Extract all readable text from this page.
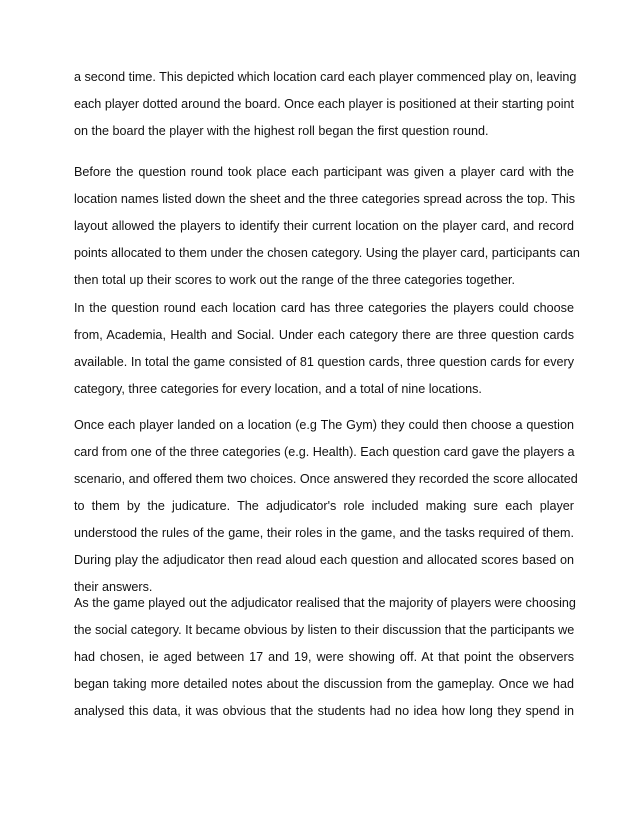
a second time. This depicted which location card each player commenced play on, leaving
each player dotted around the board. Once each player is positioned at their starting point
on the board the player with the highest roll began the first question round.
Before the question round took place each participant was given a player card with the
location names listed down the sheet and the three categories spread across the top. This
layout allowed the players to identify their current location on the player card, and record
points allocated to them under the chosen category. Using the player card, participants can
then total up their scores to work out the range of the three categories together.
In the question round each location card has three categories the players could choose
from, Academia, Health and Social. Under each category there are three question cards
available. In total the game consisted of 81 question cards, three question cards for every
category, three categories for every location, and a total of nine locations.
Once each player landed on a location (e.g The Gym) they could then choose a question
card from one of the three categories (e.g. Health). Each question card gave the players a
scenario, and offered them two choices. Once answered they recorded the score allocated
to them by the judicature. The adjudicator's role included making sure each player
understood the rules of the game, their roles in the game, and the tasks required of them.
During play the adjudicator then read aloud each question and allocated scores based on
their answers.
As the game played out the adjudicator realised that the majority of players were choosing
the social category. It became obvious by listen to their discussion that the participants we
had chosen, ie aged between 17 and 19, were showing off. At that point the observers
began taking more detailed notes about the discussion from the gameplay. Once we had
analysed this data, it was obvious that the students had no idea how long they spend in
